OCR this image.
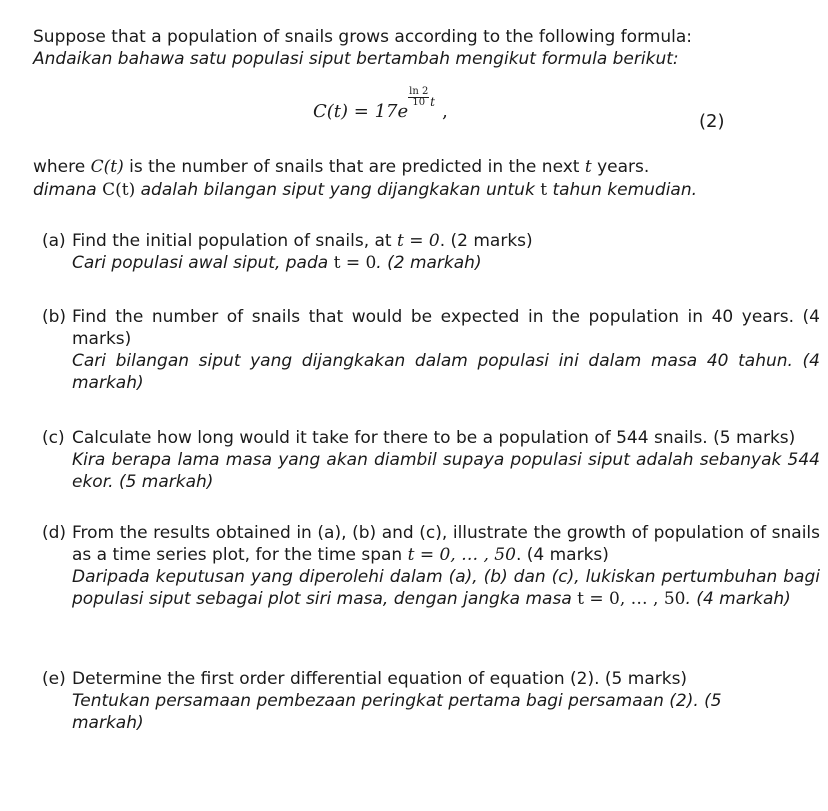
Suppose that a population of snails grows according to the following formula:
Andaikan bahawa satu populasi siput bertambah mengikut formula berikut:
C(t) = 17e
$\frac{\ln 2}{10}$ t ,	(2)
where C(t) is the number of snails that are predicted in the next t years.
dimana C(t) adalah bilangan siput yang dijangkakan untuk t tahun kemudian.
(a) Find the initial population of snails, at t = 0. (2 marks)
Cari populasi awal siput, pada t = 0. (2 markah)
(b) Find the number of snails that would be expected in the population in 40 years. (4 marks)
Cari bilangan siput yang dijangkakan dalam populasi ini dalam masa 40 tahun. (4 markah)
(c) Calculate how long would it take for there to be a population of 544 snails. (5 marks)
Kira berapa lama masa yang akan diambil supaya populasi siput adalah sebanyak 544 ekor. (5 markah)
(d) From the results obtained in (a), (b) and (c), illustrate the growth of population of snails as a time series plot, for the time span t = 0, … , 50. (4 marks)
Daripada keputusan yang diperolehi dalam (a), (b) dan (c), lukiskan pertumbuhan bagi populasi siput sebagai plot siri masa, dengan jangka masa t = 0, … , 50. (4 markah)
(e) Determine the first order differential equation of equation (2). (5 marks)
Tentukan persamaan pembezaan peringkat pertama bagi persamaan (2). (5 markah)
